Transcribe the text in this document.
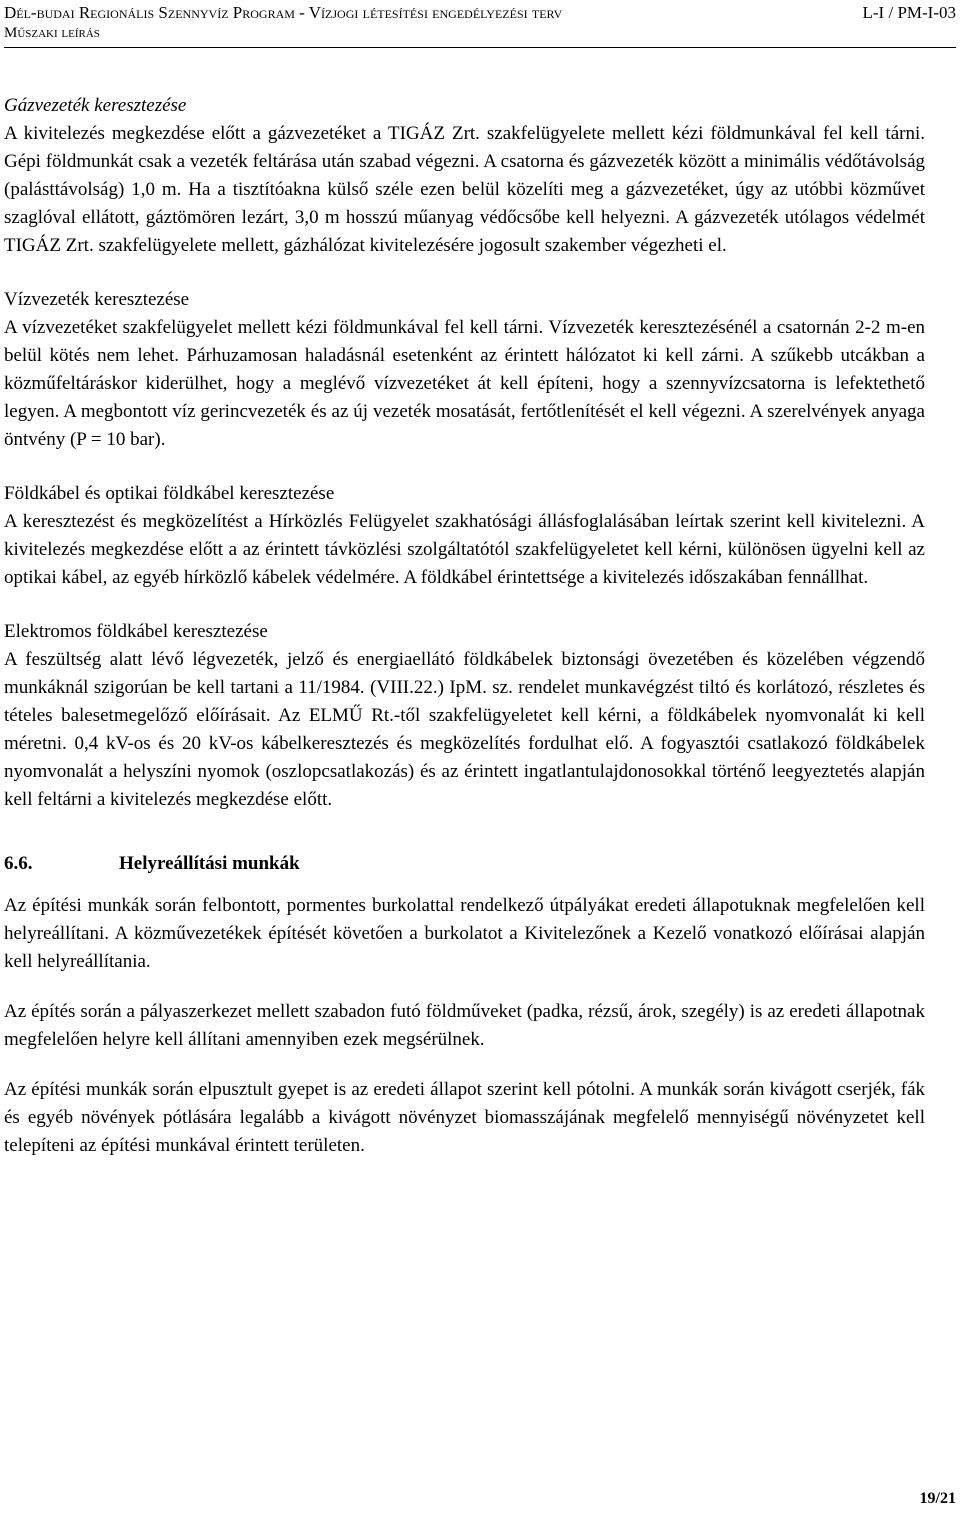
Dél-budai Regionális Szennyvíz Program - Vízjogi létesítési engedélyezési terv	L-I / PM-I-03
Műszaki leírás
Gázvezeték keresztezése

A kivitelezés megkezdése előtt a gázvezetéket a TIGÁZ Zrt. szakfelügyelete mellett kézi földmunkával fel kell tárni. Gépi földmunkát csak a vezeték feltárása után szabad végezni. A csatorna és gázvezeték között a minimális védőtávolság (palásttávolság) 1,0 m. Ha a tisztítóakna külső széle ezen belül közelíti meg a gázvezetéket, úgy az utóbbi közművet szaglóval ellátott, gáztömören lezárt, 3,0 m hosszú műanyag védőcsőbe kell helyezni. A gázvezeték utólagos védelmét TIGÁZ Zrt. szakfelügyelete mellett, gázhálózat kivitelezésére jogosult szakember végezheti el.

Vízvezeték keresztezése

A vízvezetéket szakfelügyelet mellett kézi földmunkával fel kell tárni. Vízvezeték keresztezésénél a csatornán 2-2 m-en belül kötés nem lehet. Párhuzamosan haladásnál esetenként az érintett hálózatot ki kell zárni. A szűkebb utcákban a közműfeltáráskor kiderülhet, hogy a meglévő vízvezetéket át kell építeni, hogy a szennyvízcsatorna is lefektethető legyen. A megbontott víz gerincvezeték és az új vezeték mosatását, fertőtlenítését el kell végezni. A szerelvények anyaga öntvény (P = 10 bar).

Földkábel és optikai földkábel keresztezése

A keresztezést és megközelítést a Hírközlés Felügyelet szakhatósági állásfoglalásában leírtak szerint kell kivitelezni. A kivitelezés megkezdése előtt a az érintett távközlési szolgáltatótól szakfelügyeletet kell kérni, különösen ügyelni kell az optikai kábel, az egyéb hírközlő kábelek védelmére. A földkábel érintettsége a kivitelezés időszakában fennállhat.

Elektromos földkábel keresztezése

A feszültség alatt lévő légvezeték, jelző és energiaellátó földkábelek biztonsági övezetében és közelében végzendő munkáknál szigorúan be kell tartani a 11/1984. (VIII.22.) IpM. sz. rendelet munkavégzést tiltó és korlátozó, részletes és tételes balesetmegelőző előírásait. Az ELMŰ Rt.-től szakfelügyeletet kell kérni, a földkábelek nyomvonalát ki kell méretni. 0,4 kV-os és 20 kV-os kábelkeresztezés és megközelítés fordulhat elő. A fogyasztói csatlakozó földkábelek nyomvonalát a helyszíni nyomok (oszlopcsatlakozás) és az érintett ingatlantulajdonosokkal történő leegyeztetés alapján kell feltárni a kivitelezés megkezdése előtt.

6.6.	Helyreállítási munkák

Az építési munkák során felbontott, pormentes burkolattal rendelkező útpályákat eredeti állapotuknak megfelelően kell helyreállítani. A közművezetékek építését követően a burkolatot a Kivitelezőnek a Kezelő vonatkozó előírásai alapján kell helyreállítania.

Az építés során a pályaszerkezet mellett szabadon futó földműveket (padka, rézsű, árok, szegély) is az eredeti állapotnak megfelelően helyre kell állítani amennyiben ezek megsérülnek.

Az építési munkák során elpusztult gyepet is az eredeti állapot szerint kell pótolni. A munkák során kivágott cserjék, fák és egyéb növények pótlására legalább a kivágott növényzet biomasszájának megfelelő mennyiségű növényzetet kell telepíteni az építési munkával érintett területen.

19/21
